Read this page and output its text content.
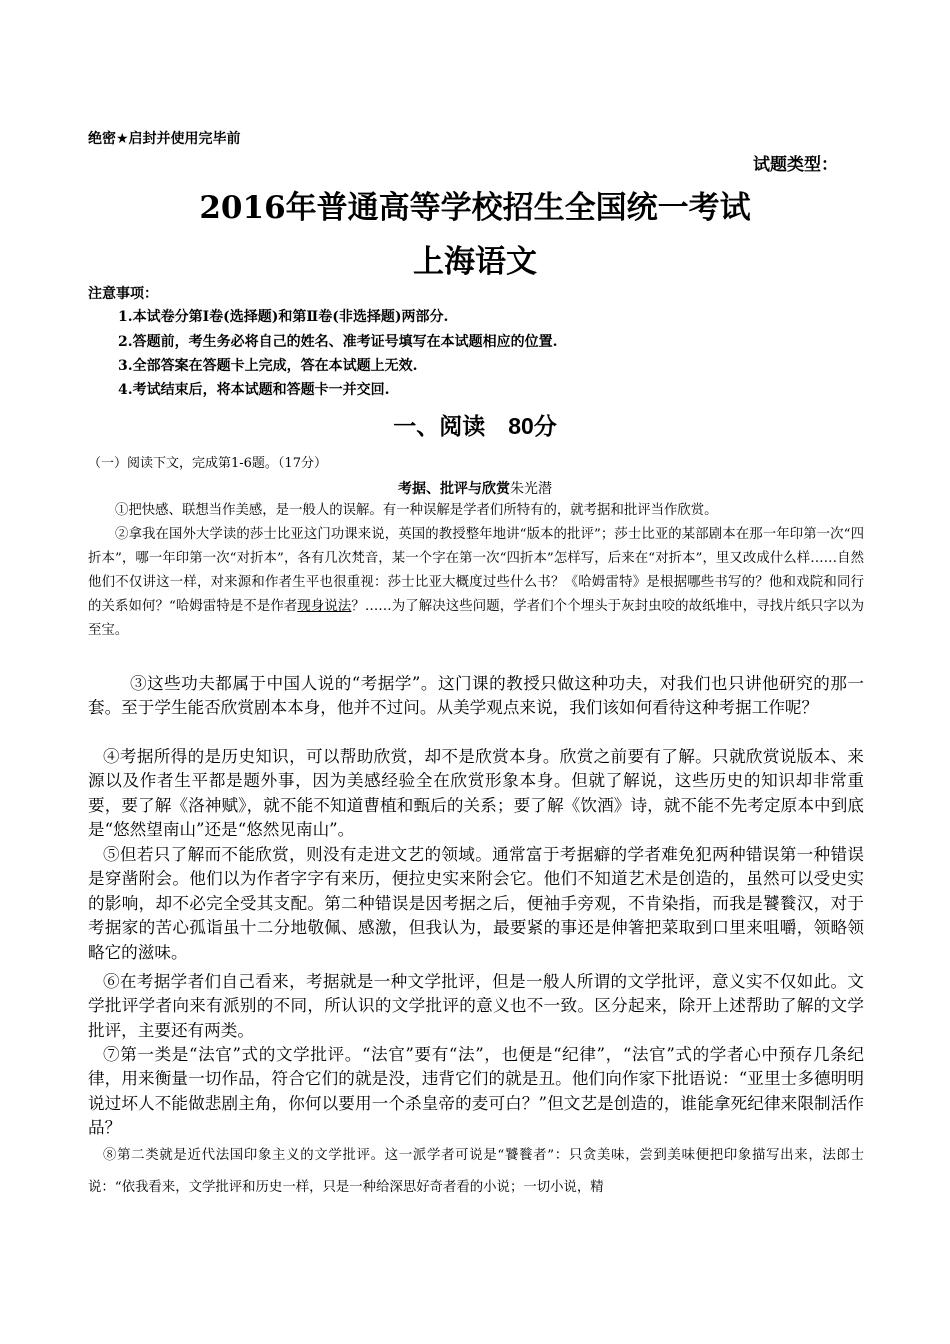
绝密★启封并使用完毕前
试题类型：
2016年普通高等学校招生全国统一考试
上海语文
注意事项：
1.本试卷分第Ⅰ卷(选择题)和第Ⅱ卷(非选择题)两部分.
2.答题前，考生务必将自己的姓名、准考证号填写在本试题相应的位置.
3.全部答案在答题卡上完成，答在本试题上无效.
4.考试结束后，将本试题和答题卡一并交回.
一、阅读　80分
（一）阅读下文，完成第1-6题。（17分）
考据、批评与欣赏朱光潜

①把快感、联想当作美感，是一般人的误解。有一种误解是学者们所特有的，就考据和批评当作欣赏。

②拿我在国外大学读的莎士比亚这门功课来说，英国的教授整年地讲“版本的批评”；莎士比亚的某部剧本在那一年印第一次“四折本”，哪一年印第一次“对折本”，各有几次梵音，某一个字在第一次“四折本”怎样写，后来在“对折本”，里又改成什么样……自然他们不仅讲这一样，对来源和作者生平也很重视：莎士比亚大概度过些什么书？《哈姆雷特》是根据哪些书写的？他和戏院和同行的关系如何？“哈姆雷特是不是作者现身说法？……为了解决这些问题，学者们个个埋头于灰封虫咬的故纸堆中，寻找片纸只字以为至宝。

③这些功夫都属于中国人说的“考据学”。这门课的教授只做这种功夫，对我们也只讲他研究的那一套。至于学生能否欣赏剧本本身，他并不过问。从美学观点来说，我们该如何看待这种考据工作呢？

④考据所得的是历史知识，可以帮助欣赏，却不是欣赏本身。欣赏之前要有了解。只就欣赏说版本、来源以及作者生平都是题外事，因为美感经验全在欣赏形象本身。但就了解说，这些历史的知识却非常重要，要了解《洛神赋》，就不能不知道曹植和甄后的关系；要了解《饮酒》诗，就不能不先考定原本中到底是“悠然望南山”还是“悠然见南山”。

⑤但若只了解而不能欣赏，则没有走进文艺的领域。通常富于考据癖的学者难免犯两种错误第一种错误是穿凿附会。他们以为作者字字有来历，便拉史实来附会它。他们不知道艺术是创造的，虽然可以受史实的影响，却不必完全受其支配。第二种错误是因考据之后，便袖手旁观，不肯染指，而我是饕餮汉，对于考据家的苦心孤诣虽十二分地敬佩、感激，但我认为，最要紧的事还是伸箸把菜取到口里来咀嚼，领略领略它的滋味。

⑥在考据学者们自己看来，考据就是一种文学批评，但是一般人所谓的文学批评，意义实不仅如此。文学批评学者向来有派别的不同，所认识的文学批评的意义也不一致。区分起来，除开上述帮助了解的文学批评，主要还有两类。

⑦第一类是“法官”式的文学批评。“法官”要有“法”，也便是“纪律”，“法官”式的学者心中预存几条纪律，用来衡量一切作品，符合它们的就是没，违背它们的就是丑。他们向作家下批语说：“亚里士多德明明说过坏人不能做悲剧主角，你何以要用一个杀皇帝的麦可白？”但文艺是创造的，谁能拿死纪律来限制活作品？

⑧第二类就是近代法国印象主义的文学批评。这一派学者可说是“饕餮者”：只贪美味，尝到美味便把印象描写出来，法郎士说：“依我看来，文学批评和历史一样，只是一种给深思好奇者看的小说；一切小说，精
